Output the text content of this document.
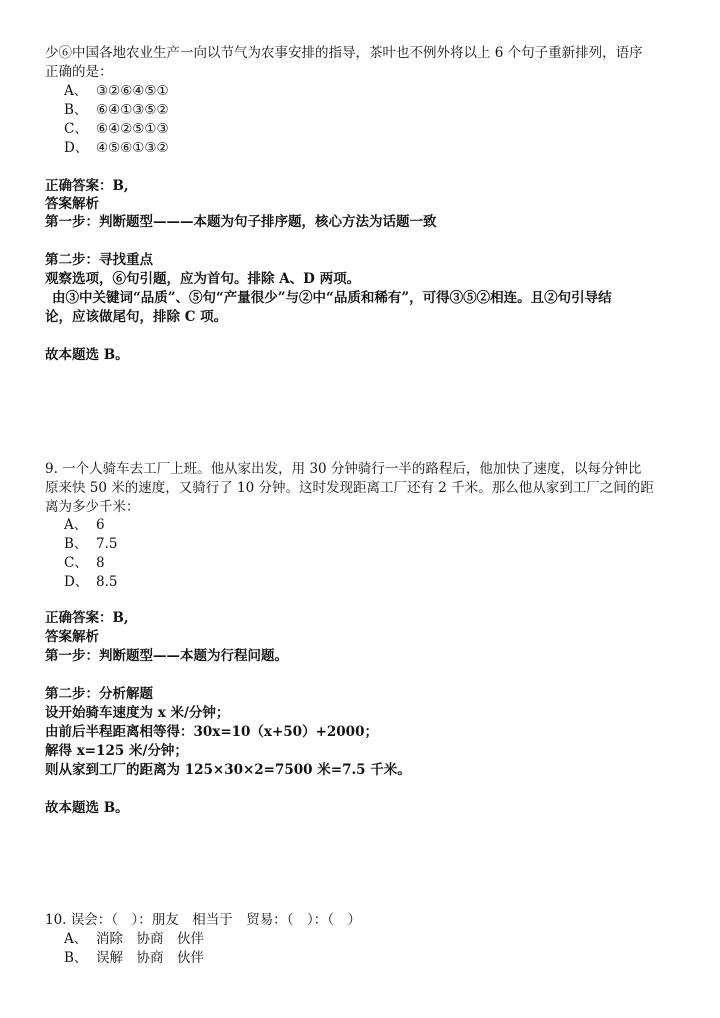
少⑥中国各地农业生产一向以节气为农事安排的指导，茶叶也不例外将以上 6 个句子重新排列，语序
正确的是：
A、 ③②⑥④⑤①
B、 ⑥④①③⑤②
C、 ⑥④②⑤①③
D、 ④⑤⑥①③②
正确答案：B,
答案解析
第一步：判断题型———本题为句子排序题，核心方法为话题一致
第二步：寻找重点
观察选项，⑥句引题，应为首句。排除 A、D 两项。
由③中关键词“品质”、⑤句“产量很少”与②中“品质和稀有”，可得③⑤②相连。且②句引导结
论，应该做尾句，排除 C 项。
故本题选 B。
9. 一个人骑车去工厂上班。他从家出发，用 30 分钟骑行一半的路程后，他加快了速度，以每分钟比
原来快 50 米的速度，又骑行了 10 分钟。这时发现距离工厂还有 2 千米。那么他从家到工厂之间的距
离为多少千米：
A、 6
B、 7.5
C、 8
D、 8.5
正确答案：B,
答案解析
第一步：判断题型——本题为行程问题。
第二步：分析解题
设开始骑车速度为 x 米/分钟；
由前后半程距离相等得：30x=10（x+50）+2000；
解得 x=125 米/分钟；
则从家到工厂的距离为 125×30×2=7500 米=7.5 千米。
故本题选 B。
10. 误会：（　）：朋友　相当于　贸易：（　）：（　）
A、 消除　协商　伙伴
B、 误解　协商　伙伴
